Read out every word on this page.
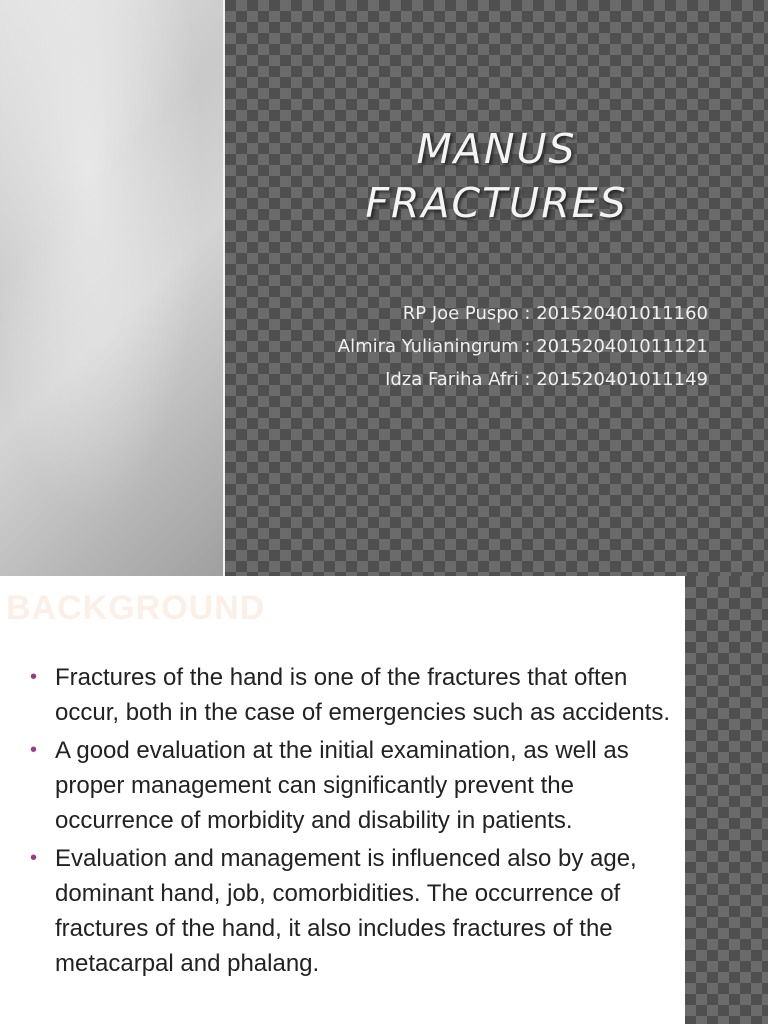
MANUS
FRACTURES
RP Joe Puspo : 201520401011160
Almira Yulianingrum : 201520401011121
Idza Fariha Afri : 201520401011149
BACKGROUND
• Fractures of the hand is one of the fractures that often occur, both in the case of emergencies such as accidents.
• A good evaluation at the initial examination, as well as proper management can significantly prevent the occurrence of morbidity and disability in patients.
• Evaluation and management is influenced also by age, dominant hand, job, comorbidities. The occurrence of fractures of the hand, it also includes fractures of the metacarpal and phalang.
